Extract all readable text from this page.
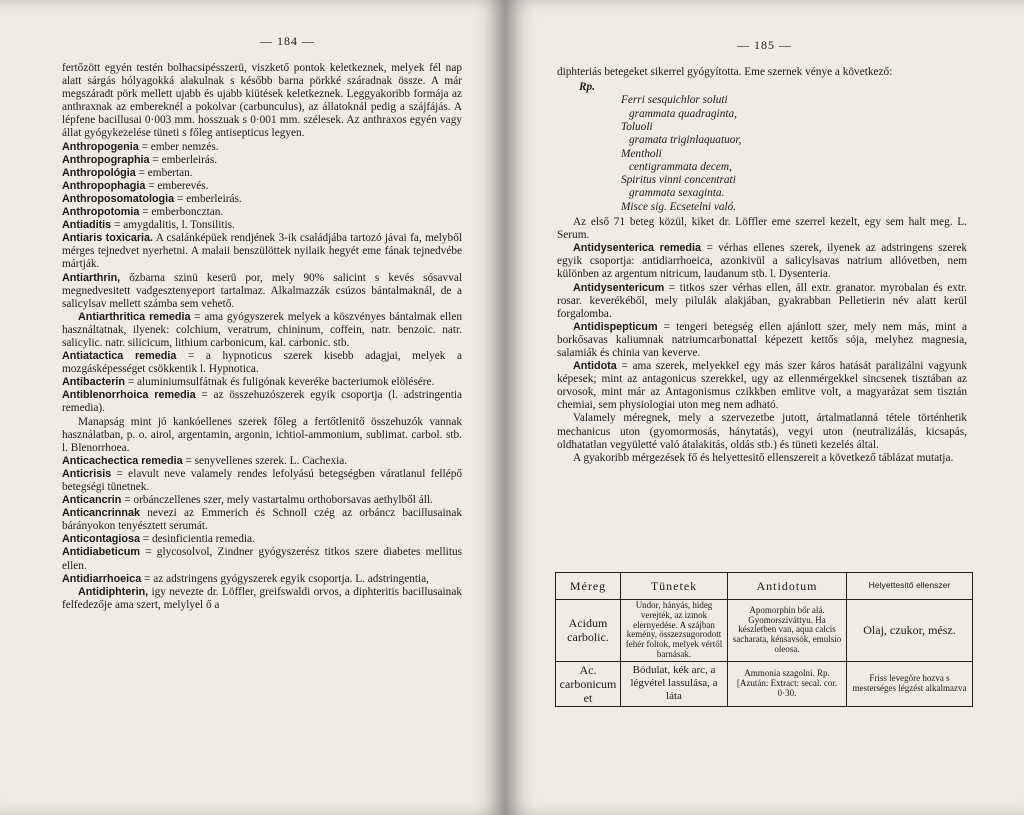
— 184 —

fertőzött egyén testén bolhacsipésszerü, viszkető pontok keletkeznek, melyek fél nap alatt sárgás hólyagokká alakulnak s később barna pörkké száradnak össze. A már megszáradt pörk mellett ujabb és ujabb kiütések keletkeznek. Leggyakoribb formája az anthraxnak az embereknél a pokolvar (carbunculus), az állatoknál pedig a szájfájás. A lépfene bacillusai 0·003 mm. hosszuak s 0·001 mm. szélesek. Az anthraxos egyén vagy állat gyógykezelése tüneti s főleg antisepticus legyen.

Anthropogenia = ember nemzés.

Anthropographia = emberleirás.

Anthropológia = embertan.

Anthropophagia = emberevés.

Anthroposomatologia = emberleirás.

Anthropotomia = emberboncztan.

Antiaditis = amygdalitis, l. Tonsilitis.

Antiaris toxicaria. A csalánképüek rendjének 3-ik családjába tartozó jávai fa, melyből mérges tejnedvet nyerhetni. A malaii benszülöttek nyilaik hegyét eme fának tejnedvébe mártják.

Antiarthrin, őzbarna szinü keserü por, mely 90% salicint s kevés sósavval megnedvesitett vadgesztenyeport tartalmaz. Alkalmazzák csúzos bántalmaknál, de a salicylsav mellett számba sem vehető.

Antiarthritica remedia = ama gyógyszerek melyek a köszvényes bántalmak ellen használtatnak, ilyenek: colchium, veratrum, chininum, coffein, natr. benzoic. natr. salicylic. natr. silicicum, lithium carbonicum, kal. carbonic. stb.

Antiatactica remedia = a hypnoticus szerek kisebb adagjai, melyek a mozgásképességet csökkentik l. Hypnotica.

Antibacterin = aluminiumsulfátnak és fuligónak keveréke bacteriumok elölésére.

Antiblenorrhoica remedia = az összehuzószerek egyik csoportja (l. adstringentia remedia).

Manapság mint jó kankóellenes szerek főleg a fertőtlenitő összehuzók vannak használatban, p. o. airol, argentamin, argonin, ichtiol-ammonium, sublimat. carbol. stb. l. Blenorrhoea.

Anticachectica remedia = senyvellenes szerek. L. Cachexia.

Anticrisis = elavult neve valamely rendes lefolyású betegségben váratlanul fellépő betegségi tünetnek.

Anticancrin = orbánczellenes szer, mely vastartalmu orthoborsavas aethylből áll.

Anticancrinnak nevezi az Emmerich és Schnoll czég az orbáncz bacillusainak bárányokon tenyésztett serumát.

Anticontagiosa = desinficientia remedia.

Antidiabeticum = glycosolvol, Zindner gyógyszerész titkos szere diabetes mellitus ellen.

Antidiarrhoeica = az adstringens gyógyszerek egyik csoportja. L. adstringentia,

Antidiphterin, igy nevezte dr. Löffler, greifswaldi orvos, a diphteritis bacillusainak felfedezője ama szert, melylyel ő a

— 185 —

diphteriás betegeket sikerrel gyógyította. Eme szernek vénye a következő:

Rp.
Ferri sesquichlor soluti
grammata quadraginta,
Toluoli
gramata triginlaquatuor,
Mentholi
centigrammata decem,
Spiritus vinni concentrati
grammata sexaginta.
Misce sig. Ecsetelni való.

Az első 71 beteg közül, kiket dr. Löffler eme szerrel kezelt, egy sem halt meg. L. Serum.

Antidysenterica remedia = vérhas ellenes szerek, ilyenek az adstringens szerek egyik csoportja: antidiarrhoeica, azonkivül a salicylsavas natrium allóvetben, nem különben az argentum nitricum, laudanum stb. l. Dysenteria.

Antidysentericum = titkos szer vérhas ellen, áll extr. granator. myrobalan és extr. rosar. keverékéből, mely pilulák alakjában, gyakrabban Pelletierin név alatt kerül forgalomba.

Antidispepticum = tengeri betegség ellen ajánlott szer, mely nem más, mint a borkősavas kaliumnak natriumcarbonattal képezett kettős sója, melyhez magnesia, salamiák és chinia van keverve.

Antidota = ama szerek, melyekkel egy más szer káros hatását paralizálni vagyunk képesek; mint az antagonicus szerekkel, ugy az ellenmérgekkel sincsenek tisztában az orvosok, mint már az Antagonismus czikkben emlitve volt, a magyarázat sem tisztán chemiai, sem physiologiai uton meg nem adható.

Valamely méregnek, mely a szervezetbe jutott, ártalmatlanná tétele történhetik mechanicus uton (gyomormosás, hánytatás), vegyi uton (neutralizálás, kicsapás, oldhatatlan vegyületté való átalakitás, oldás stb.) és tüneti kezelés által.

A gyakoribb mérgezések fő és helyettesitő ellenszereit a következő táblázat mutatja.

Méreg	Tünetek	Antidotum	Helyettesitő ellenszer
Acidum carbolic.	Undor, hányás, hideg verejték, az izmok elernyedése. A szájban kemény, összezsugorodott fehér foltok, melyek vértől barnásak.	Apomorphin bőr alá. Gyomorsziváttyu. Ha készletben van, aqua calcis sacharata, kénsavsók, emulsio oleosa.	Olaj, czukor, mész.
Ac. carbonicum et	Bódulat, kék arc, a légvétel lassulása, a láta	Ammonia szagolni. Rp. [Azután: Extract: secal. cor. 0·30.	Friss levegőre hozva s mesterséges légzést alkalmazva
